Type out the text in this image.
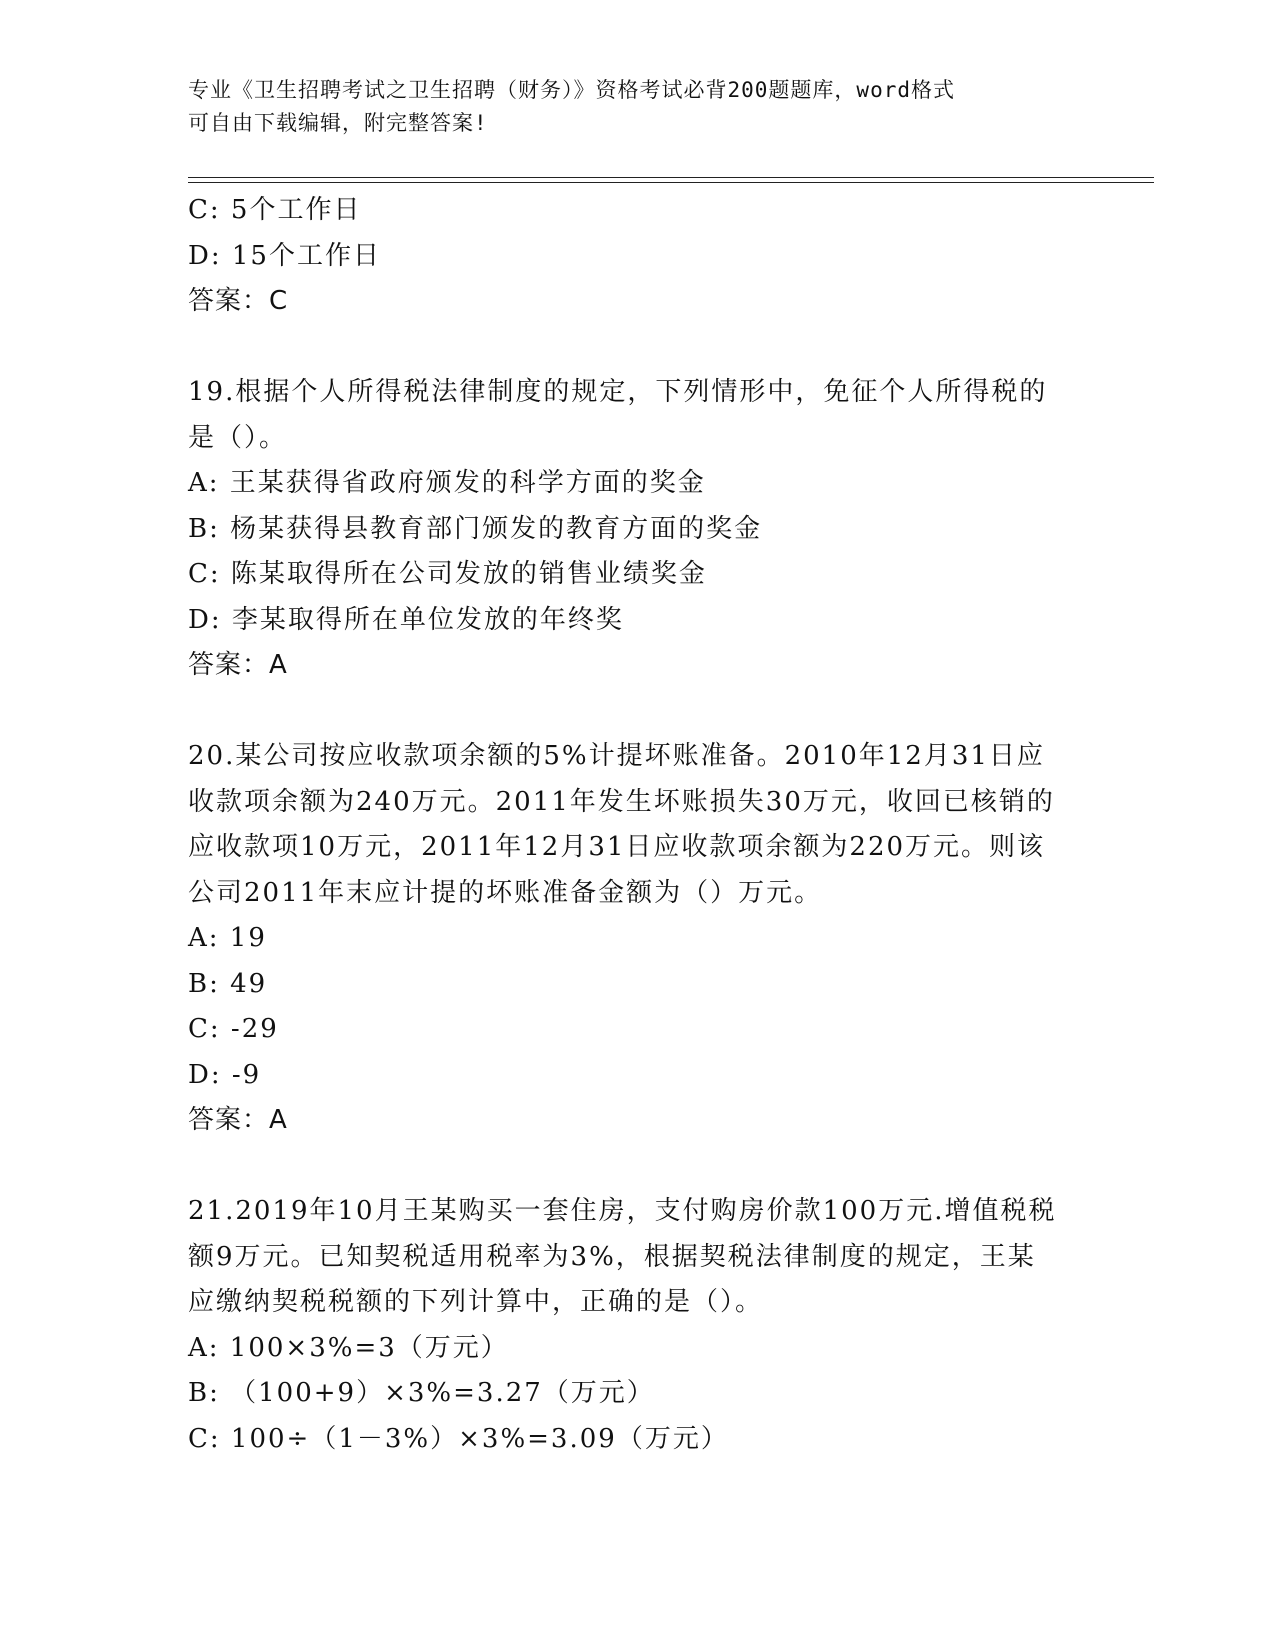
专业《卫生招聘考试之卫生招聘（财务）》资格考试必背200题题库，word格式
可自由下载编辑，附完整答案!
C: 5个工作日
D: 15个工作日
答案：C
19.根据个人所得税法律制度的规定，下列情形中，免征个人所得税的
是（）。
A: 王某获得省政府颁发的科学方面的奖金
B: 杨某获得县教育部门颁发的教育方面的奖金
C: 陈某取得所在公司发放的销售业绩奖金
D: 李某取得所在单位发放的年终奖
答案：A
20.某公司按应收款项余额的5%计提坏账准备。2010年12月31日应
收款项余额为240万元。2011年发生坏账损失30万元，收回已核销的
应收款项10万元，2011年12月31日应收款项余额为220万元。则该
公司2011年末应计提的坏账准备金额为（）万元。
A: 19
B: 49
C: -29
D: -9
答案：A
21.2019年10月王某购买一套住房，支付购房价款100万元.增值税税
额9万元。已知契税适用税率为3%，根据契税法律制度的规定，王某
应缴纳契税税额的下列计算中，正确的是（）。
A: 100×3%=3（万元）
B: （100+9）×3%=3.27（万元）
C: 100÷（1－3%）×3%=3.09（万元）
